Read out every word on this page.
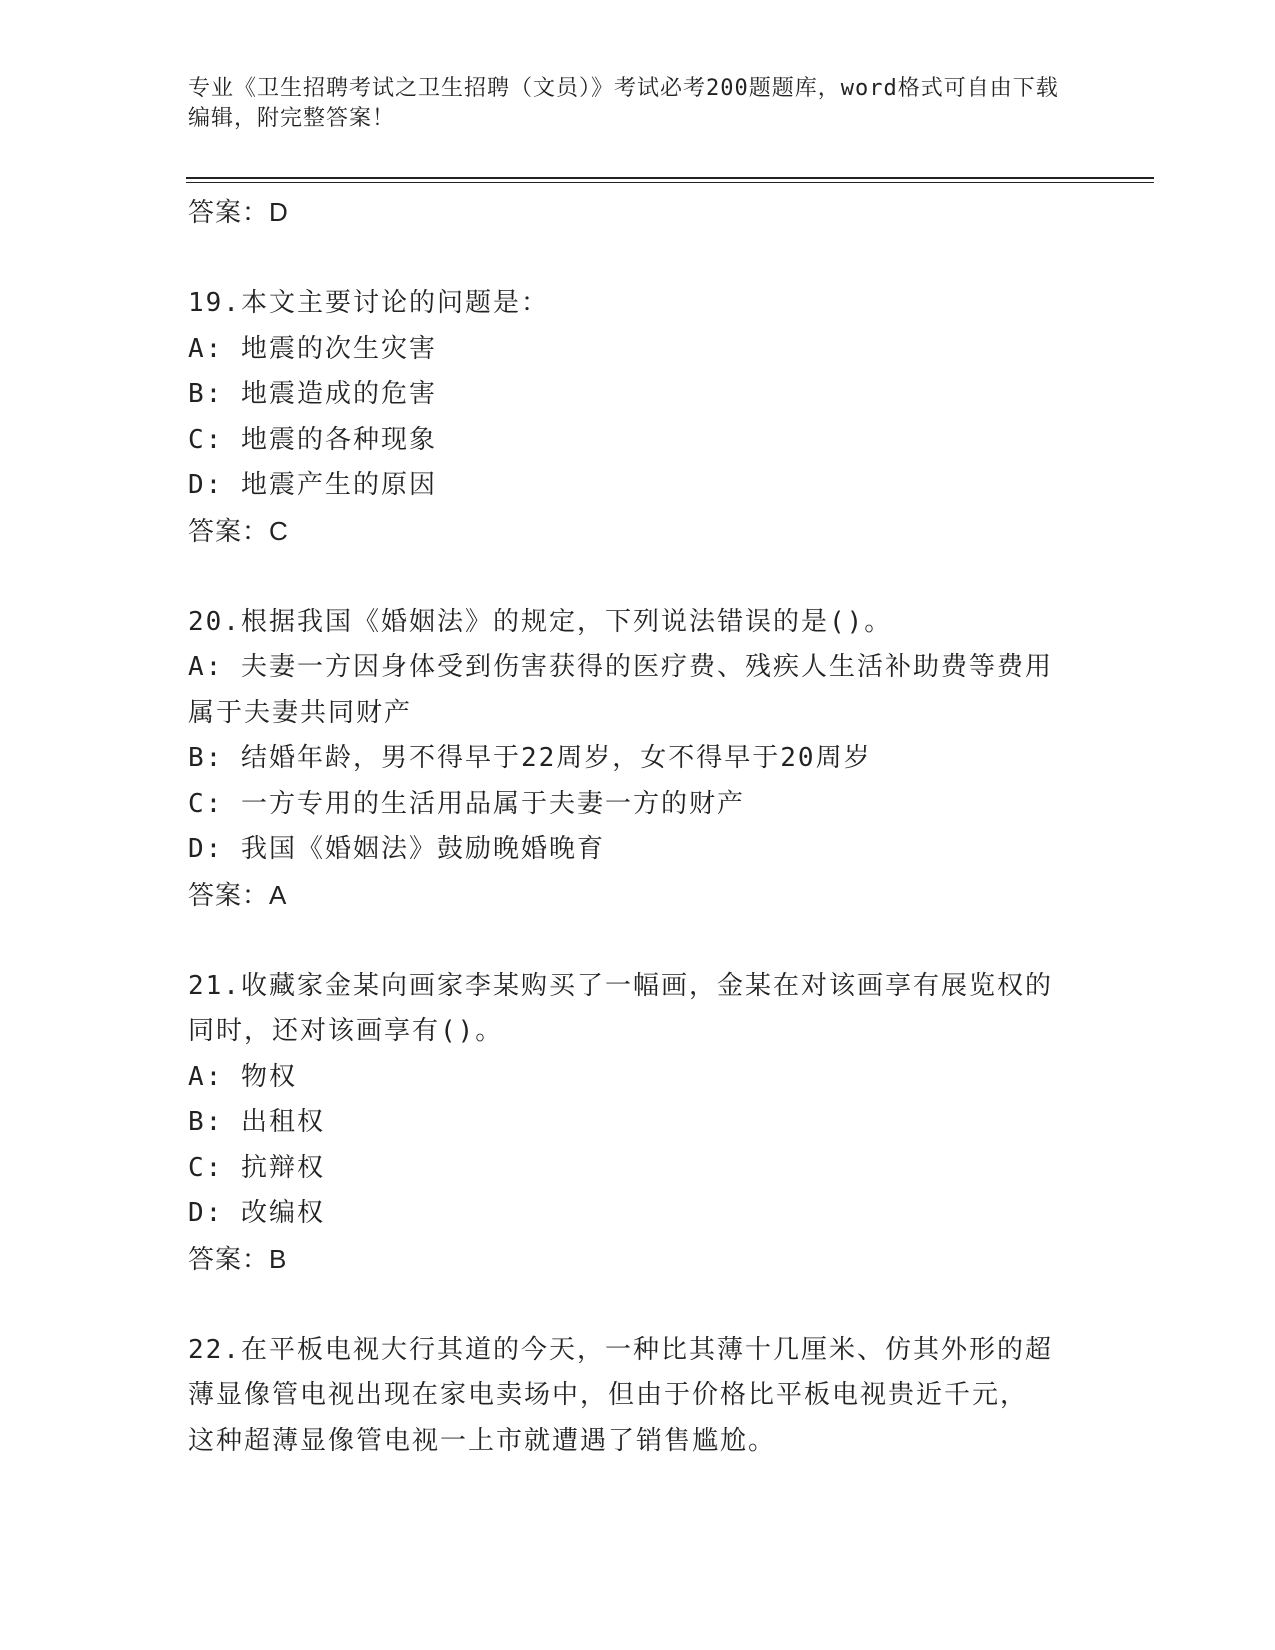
专业《卫生招聘考试之卫生招聘（文员）》考试必考200题题库，word格式可自由下载编辑，附完整答案！
答案：D
19.本文主要讨论的问题是：
A: 地震的次生灾害
B: 地震造成的危害
C: 地震的各种现象
D: 地震产生的原因
答案：C
20.根据我国《婚姻法》的规定，下列说法错误的是()。
A: 夫妻一方因身体受到伤害获得的医疗费、残疾人生活补助费等费用
属于夫妻共同财产
B: 结婚年龄，男不得早于22周岁，女不得早于20周岁
C: 一方专用的生活用品属于夫妻一方的财产
D: 我国《婚姻法》鼓励晚婚晚育
答案：A
21.收藏家金某向画家李某购买了一幅画，金某在对该画享有展览权的
同时，还对该画享有()。
A: 物权
B: 出租权
C: 抗辩权
D: 改编权
答案：B
22.在平板电视大行其道的今天，一种比其薄十几厘米、仿其外形的超
薄显像管电视出现在家电卖场中，但由于价格比平板电视贵近千元，
这种超薄显像管电视一上市就遭遇了销售尴尬。
